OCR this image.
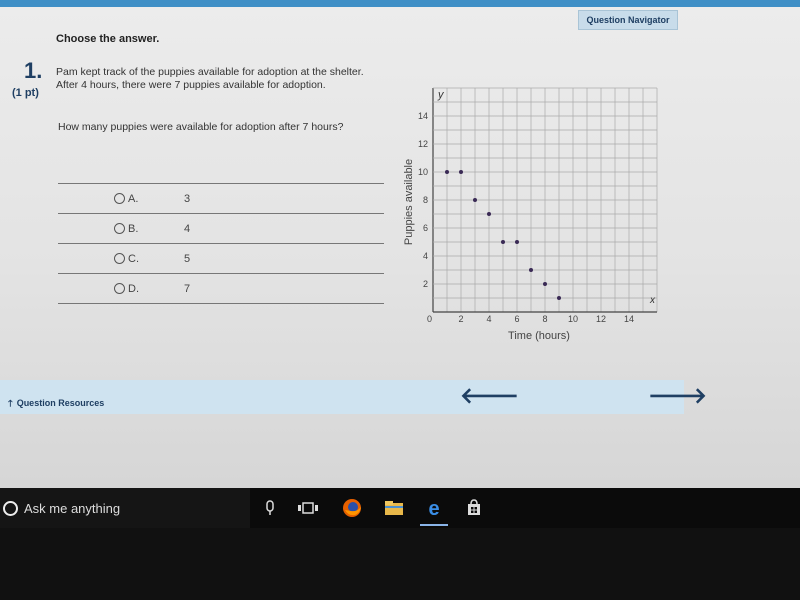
Question Navigator
Choose the answer.
1.
(1 pt)
Pam kept track of the puppies available for adoption at the shelter. After 4 hours, there were 7 puppies available for adoption.
How many puppies were available for adoption after 7 hours?
A.	3
B.	4
C.	5
D.	7
2	4	6	8 10 12 14
2
4
6
8
10
12
14
y
x
0
Time (hours)
Puppies available
🡑 Question Resources	🡐	🡒
Ask me anything	e
